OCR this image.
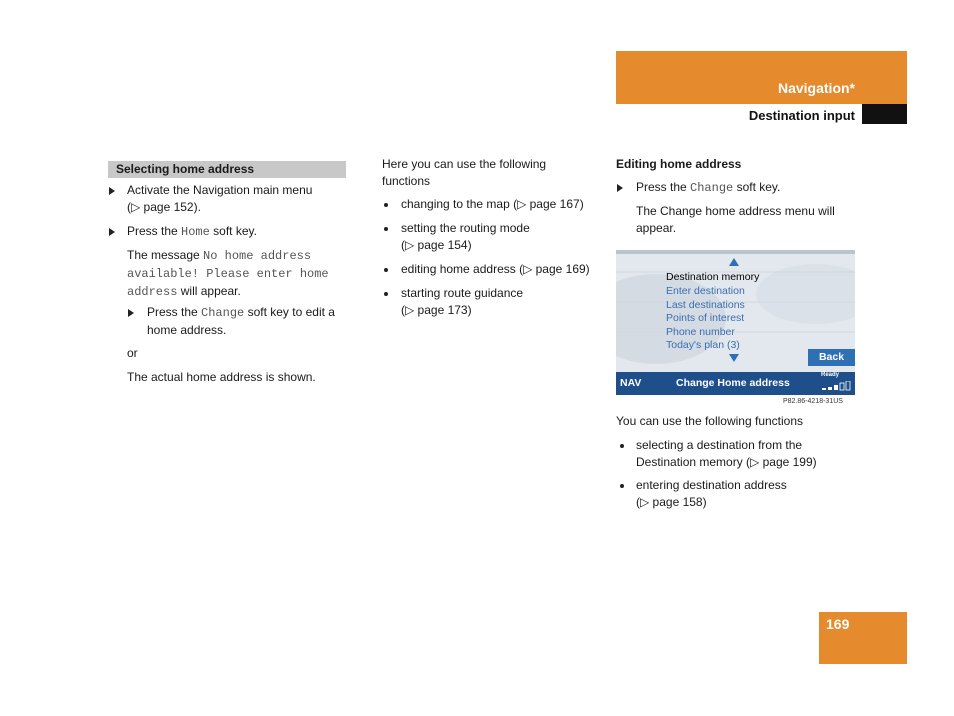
Navigation*
Destination input
Selecting home address
Activate the Navigation main menu
(▷ page 152).
Press the Home soft key.
The message No home address
available! Please enter home
address will appear.
Press the Change soft key to edit a
home address.
or
The actual home address is shown.
Here you can use the following
functions
changing to the map (▷ page 167)
setting the routing mode
(▷ page 154)
editing home address (▷ page 169)
starting route guidance
(▷ page 173)
Editing home address
Press the Change soft key.
The Change home address menu will
appear.
Destination memory
Enter destination
Last destinations
Points of interest
Phone number
Today's plan (3)
Back
NAV	Change Home address
Ready
P82.86-4218-31US
You can use the following functions
selecting a destination from the
Destination memory (▷ page 199)
entering destination address
(▷ page 158)
169
